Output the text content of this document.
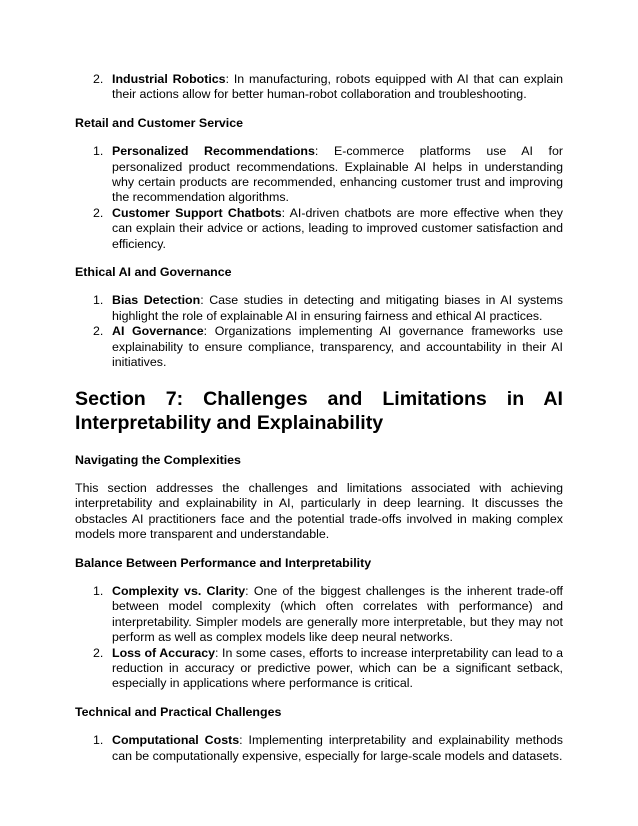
2. Industrial Robotics: In manufacturing, robots equipped with AI that can explain their actions allow for better human-robot collaboration and troubleshooting.
Retail and Customer Service
1. Personalized Recommendations: E-commerce platforms use AI for personalized product recommendations. Explainable AI helps in understanding why certain products are recommended, enhancing customer trust and improving the recommendation algorithms.
2. Customer Support Chatbots: AI-driven chatbots are more effective when they can explain their advice or actions, leading to improved customer satisfaction and efficiency.
Ethical AI and Governance
1. Bias Detection: Case studies in detecting and mitigating biases in AI systems highlight the role of explainable AI in ensuring fairness and ethical AI practices.
2. AI Governance: Organizations implementing AI governance frameworks use explainability to ensure compliance, transparency, and accountability in their AI initiatives.
Section 7: Challenges and Limitations in AI Interpretability and Explainability
Navigating the Complexities

This section addresses the challenges and limitations associated with achieving interpretability and explainability in AI, particularly in deep learning. It discusses the obstacles AI practitioners face and the potential trade-offs involved in making complex models more transparent and understandable.

Balance Between Performance and Interpretability
1. Complexity vs. Clarity: One of the biggest challenges is the inherent trade-off between model complexity (which often correlates with performance) and interpretability. Simpler models are generally more interpretable, but they may not perform as well as complex models like deep neural networks.
2. Loss of Accuracy: In some cases, efforts to increase interpretability can lead to a reduction in accuracy or predictive power, which can be a significant setback, especially in applications where performance is critical.
Technical and Practical Challenges
1. Computational Costs: Implementing interpretability and explainability methods can be computationally expensive, especially for large-scale models and datasets.
